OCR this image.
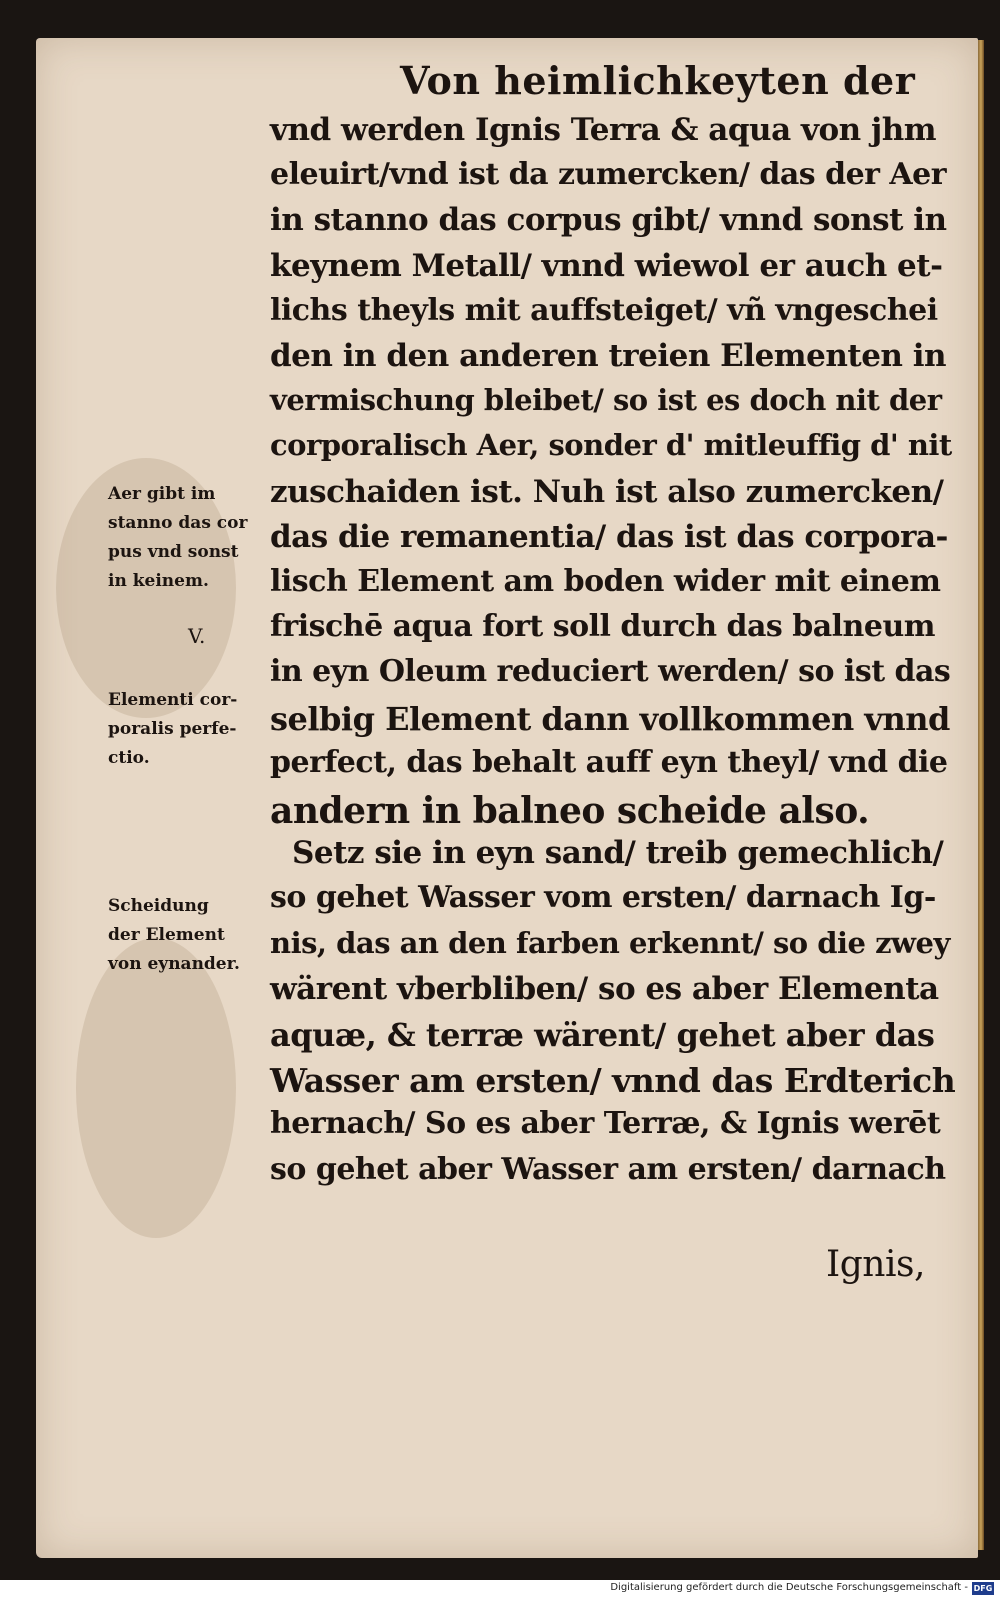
Von heimlichkeyten der
vnd werden Ignis Terra & aqua von jhm
eleuirt/vnd ist da zumercken/ das der Aer
in stanno das corpus gibt/ vnnd sonst in
keynem Metall/ vnnd wiewol er auch et-
lichs theyls mit auffsteiget/ vñ vngeschei
den in den anderen treien Elementen in
vermischung bleibet/ so ist es doch nit der
corporalisch Aer, sonder d' mitleuffig d' nit
zuschaiden ist. Nuh ist also zumercken/
das die remanentia/ das ist das corpora-
lisch Element am boden wider mit einem
frischē aqua fort soll durch das balneum
in eyn Oleum reduciert werden/ so ist das
selbig Element dann vollkommen vnnd
perfect, das behalt auff eyn theyl/ vnd die
andern in balneo scheide also.
Setz sie in eyn sand/ treib gemechlich/
so gehet Wasser vom ersten/ darnach Ig-
nis, das an den farben erkennt/ so die zwey
wärent vberbliben/ so es aber Elementa
aquæ, & terræ wärent/ gehet aber das
Wasser am ersten/ vnnd das Erdterich
hernach/ So es aber Terræ, & Ignis werēt
so gehet aber Wasser am ersten/ darnach
Ignis,
Aer gibt im
stanno das cor
pus vnd sonst
in keinem.
V.
Elementi cor-
poralis perfe-
ctio.
Scheidung
der Element
von eynander.
Digitalisierung gefördert durch die Deutsche Forschungsgemeinschaft - DFG
